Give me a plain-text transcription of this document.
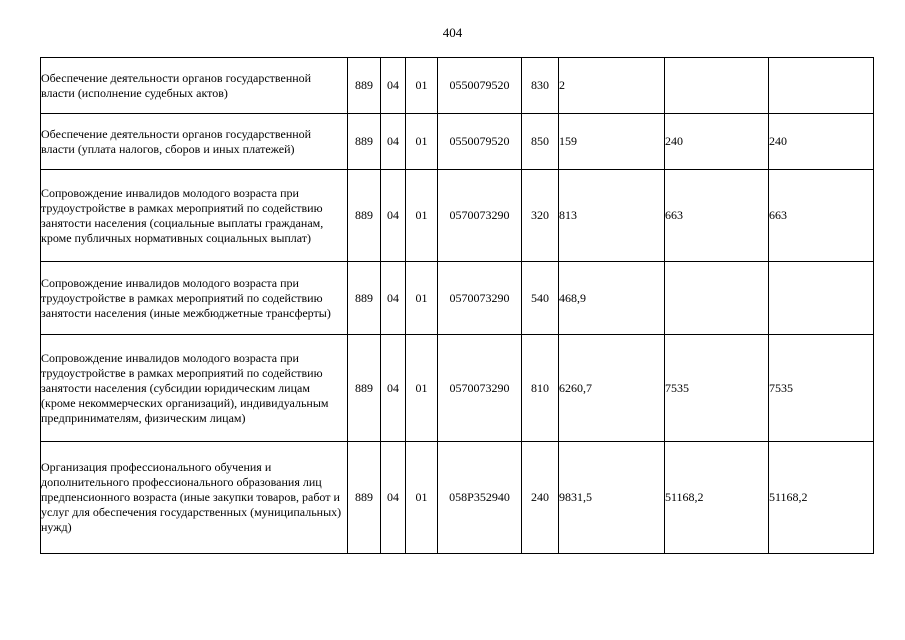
404
Обеспечение деятельности органов государственной власти (исполнение судебных актов)	889	04	01	0550079520	830	2		
Обеспечение деятельности органов государственной власти (уплата налогов, сборов и иных платежей)	889	04	01	0550079520	850	159	240	240
Сопровождение инвалидов молодого возраста при трудоустройстве в рамках мероприятий по содействию занятости населения (социальные выплаты гражданам, кроме публичных нормативных социальных выплат)	889	04	01	0570073290	320	813	663	663
Сопровождение инвалидов молодого возраста при трудоустройстве в рамках мероприятий по содействию занятости населения (иные межбюджетные трансферты)	889	04	01	0570073290	540	468,9		
Сопровождение инвалидов молодого возраста при трудоустройстве в рамках мероприятий по содействию занятости населения (субсидии юридическим лицам (кроме некоммерческих организаций), индивидуальным предпринимателям, физическим лицам)	889	04	01	0570073290	810	6260,7	7535	7535
Организация профессионального обучения и дополнительного профессионального образования лиц предпенсионного возраста (иные закупки товаров, работ и услуг для обеспечения государственных (муниципальных) нужд)	889	04	01	058P352940	240	9831,5	51168,2	51168,2
